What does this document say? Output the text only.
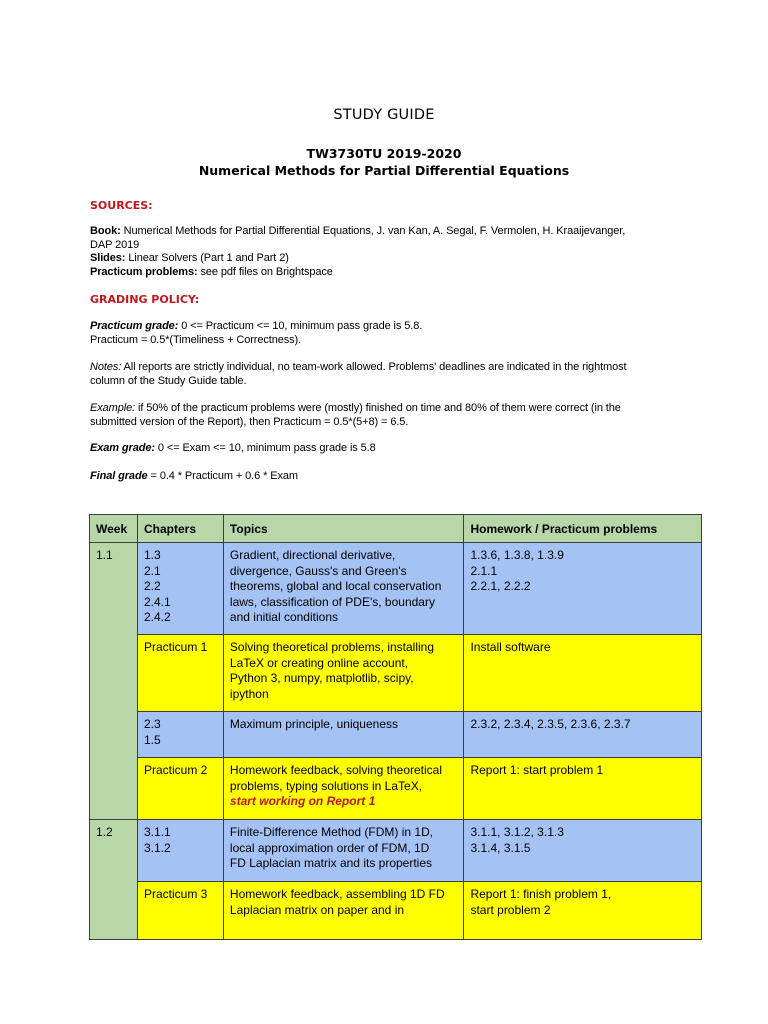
STUDY GUIDE
TW3730TU 2019-2020
Numerical Methods for Partial Differential Equations
SOURCES:
Book: Numerical Methods for Partial Differential Equations, J. van Kan, A. Segal, F. Vermolen, H. Kraaijevanger,
DAP 2019
Slides: Linear Solvers (Part 1 and Part 2)
Practicum problems: see pdf files on Brightspace
GRADING POLICY:
Practicum grade: 0 <= Practicum <= 10, minimum pass grade is 5.8.
Practicum = 0.5*(Timeliness + Correctness).
Notes: All reports are strictly individual, no team-work allowed. Problems' deadlines are indicated in the rightmost
column of the Study Guide table.
Example: if 50% of the practicum problems were (mostly) finished on time and 80% of them were correct (in the
submitted version of the Report), then Practicum = 0.5*(5+8) = 6.5.
Exam grade: 0 <= Exam <= 10, minimum pass grade is 5.8
Final grade = 0.4 * Practicum + 0.6 * Exam
Week	Chapters	Topics	Homework / Practicum problems
1.1	1.3
2.1
2.2
2.4.1
2.4.2	Gradient, directional derivative,
divergence, Gauss's and Green's
theorems, global and local conservation
laws, classification of PDE's, boundary
and initial conditions	1.3.6, 1.3.8, 1.3.9
2.1.1
2.2.1, 2.2.2

	Practicum 1	Solving theoretical problems, installing
LaTeX or creating online account,
Python 3, numpy, matplotlib, scipy,
ipython	Install software

	2.3
1.5	Maximum principle, uniqueness	2.3.2, 2.3.4, 2.3.5, 2.3.6, 2.3.7

	Practicum 2	Homework feedback, solving theoretical
problems, typing solutions in LaTeX,
start working on Report 1	Report 1: start problem 1

1.2	3.1.1
3.1.2	Finite-Difference Method (FDM) in 1D,
local approximation order of FDM, 1D
FD Laplacian matrix and its properties	3.1.1, 3.1.2, 3.1.3
3.1.4, 3.1.5

	Practicum 3	Homework feedback, assembling 1D FD
Laplacian matrix on paper and in	Report 1: finish problem 1,
start problem 2
